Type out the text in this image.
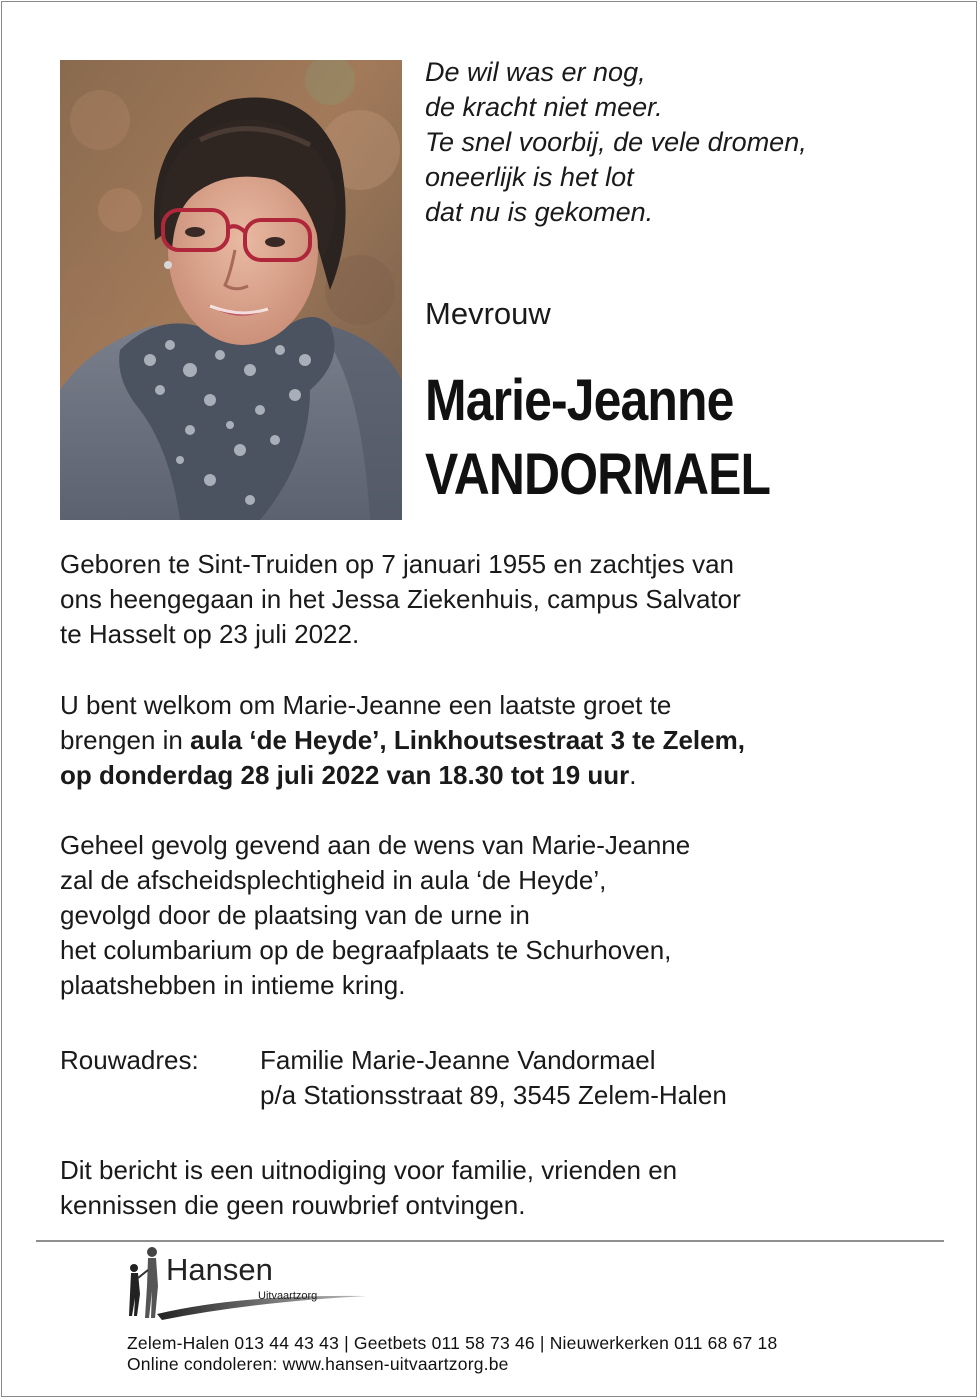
De wil was er nog,
de kracht niet meer.
Te snel voorbij, de vele dromen,
oneerlijk is het lot
dat nu is gekomen.
Mevrouw
Marie-Jeanne
VANDORMAEL
Geboren te Sint-Truiden op 7 januari 1955 en zachtjes van
ons heengegaan in het Jessa Ziekenhuis, campus Salvator
te Hasselt op 23 juli 2022.
U bent welkom om Marie-Jeanne een laatste groet te
brengen in aula ‘de Heyde’, Linkhoutsestraat 3 te Zelem,
op donderdag 28 juli 2022 van 18.30 tot 19 uur.
Geheel gevolg gevend aan de wens van Marie-Jeanne
zal de afscheidsplechtigheid in aula ‘de Heyde’,
gevolgd door de plaatsing van de urne in
het columbarium op de begraafplaats te Schurhoven,
plaatshebben in intieme kring.
Rouwadres: Familie Marie-Jeanne Vandormael
p/a Stationsstraat 89, 3545 Zelem-Halen
Dit bericht is een uitnodiging voor familie, vrienden en
kennissen die geen rouwbrief ontvingen.
Hansen
Uitvaartzorg
Zelem-Halen 013 44 43 43 | Geetbets 011 58 73 46 | Nieuwerkerken 011 68 67 18
Online condoleren: www.hansen-uitvaartzorg.be
